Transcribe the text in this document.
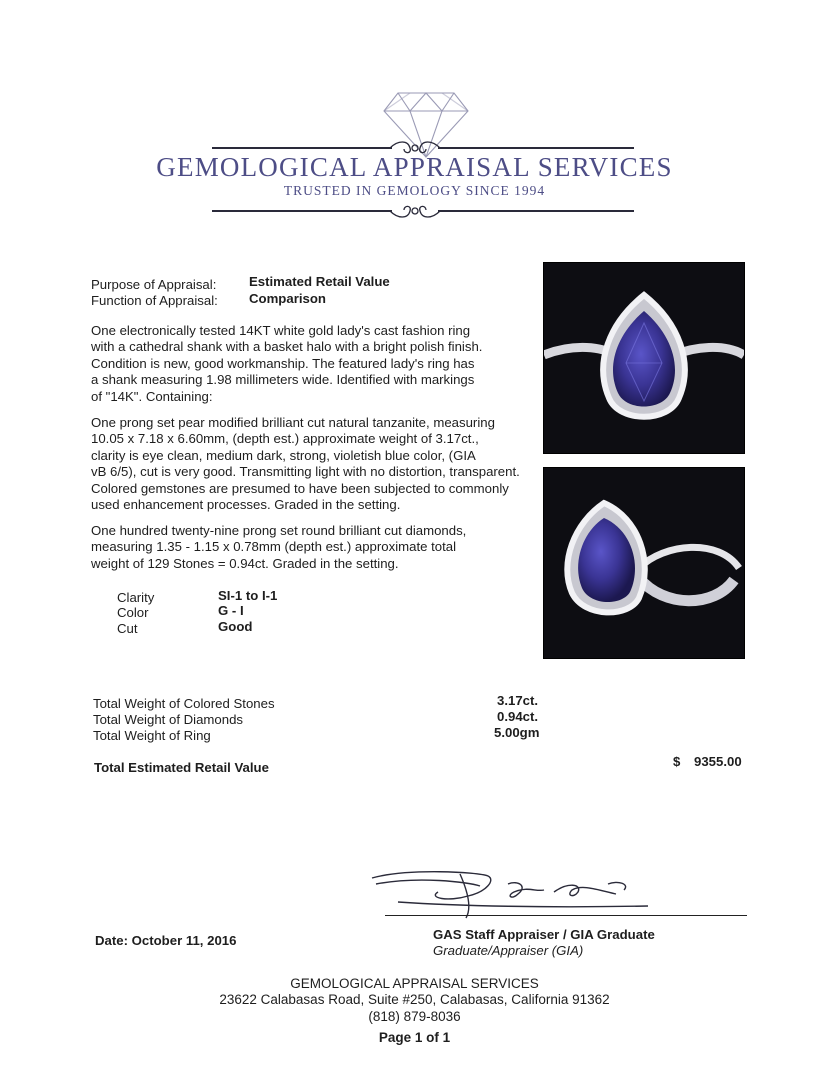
GEMOLOGICAL APPRAISAL SERVICES
TRUSTED IN GEMOLOGY SINCE 1994
Purpose of Appraisal: Estimated Retail Value
Function of Appraisal: Comparison
One electronically tested 14KT white gold lady's cast fashion ring
with a cathedral shank with a basket halo with a bright polish finish.
Condition is new, good workmanship. The featured lady's ring has
a shank measuring 1.98 millimeters wide. Identified with markings
of "14K". Containing:
One prong set pear modified brilliant cut natural tanzanite, measuring
10.05 x 7.18 x 6.60mm, (depth est.) approximate weight of 3.17ct.,
clarity is eye clean, medium dark, strong, violetish blue color, (GIA
vB 6/5), cut is very good. Transmitting light with no distortion, transparent.
Colored gemstones are presumed to have been subjected to commonly
used enhancement processes. Graded in the setting.
One hundred twenty-nine prong set round brilliant cut diamonds,
measuring 1.35 - 1.15 x 0.78mm (depth est.) approximate total
weight of 129 Stones = 0.94ct. Graded in the setting.
Clarity	SI-1 to I-1
Color	G - I
Cut	Good
Total Weight of Colored Stones	3.17ct.
Total Weight of Diamonds	0.94ct.
Total Weight of Ring	5.00gm
Total Estimated Retail Value	$ 9355.00
Date: October 11, 2016	GAS Staff Appraiser / GIA Graduate
Graduate/Appraiser (GIA)
GEMOLOGICAL APPRAISAL SERVICES
23622 Calabasas Road, Suite #250, Calabasas, California 91362
(818) 879-8036
Page 1 of 1
